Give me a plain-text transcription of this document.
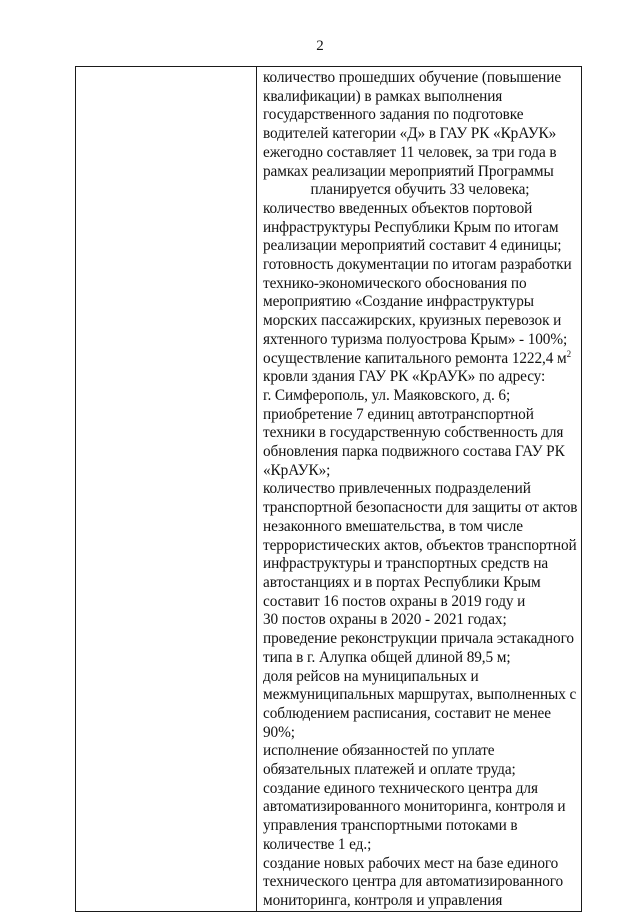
2

количество прошедших обучение (повышение
квалификации) в рамках выполнения
государственного задания по подготовке
водителей категории «Д» в ГАУ РК «КрАУК»
ежегодно составляет 11 человек, за три года в
рамках реализации мероприятий Программы
планируется обучить 33 человека;
количество введенных объектов портовой
инфраструктуры Республики Крым по итогам
реализации мероприятий составит 4 единицы;
готовность документации по итогам разработки
технико-экономического обоснования по
мероприятию «Создание инфраструктуры
морских пассажирских, круизных перевозок и
яхтенного туризма полуострова Крым» - 100%;
осуществление капитального ремонта 1222,4 $м^2$
кровли здания ГАУ РК «КрАУК» по адресу:
г. Симферополь, ул. Маяковского, д. 6;
приобретение 7 единиц автотранспортной
техники в государственную собственность для
обновления парка подвижного состава ГАУ РК
«КрАУК»;
количество привлеченных подразделений
транспортной безопасности для защиты от актов
незаконного вмешательства, в том числе
террористических актов, объектов транспортной
инфраструктуры и транспортных средств на
автостанциях и в портах Республики Крым
составит 16 постов охраны в 2019 году и
30 постов охраны в 2020 - 2021 годах;
проведение реконструкции причала эстакадного
типа в г. Алупка общей длиной 89,5 м;
доля рейсов на муниципальных и
межмуниципальных маршрутах, выполненных с
соблюдением расписания, составит не менее
90%;
исполнение обязанностей по уплате
обязательных платежей и оплате труда;
создание единого технического центра для
автоматизированного мониторинга, контроля и
управления транспортными потоками в
количестве 1 ед.;
создание новых рабочих мест на базе единого
технического центра для автоматизированного
мониторинга, контроля и управления
